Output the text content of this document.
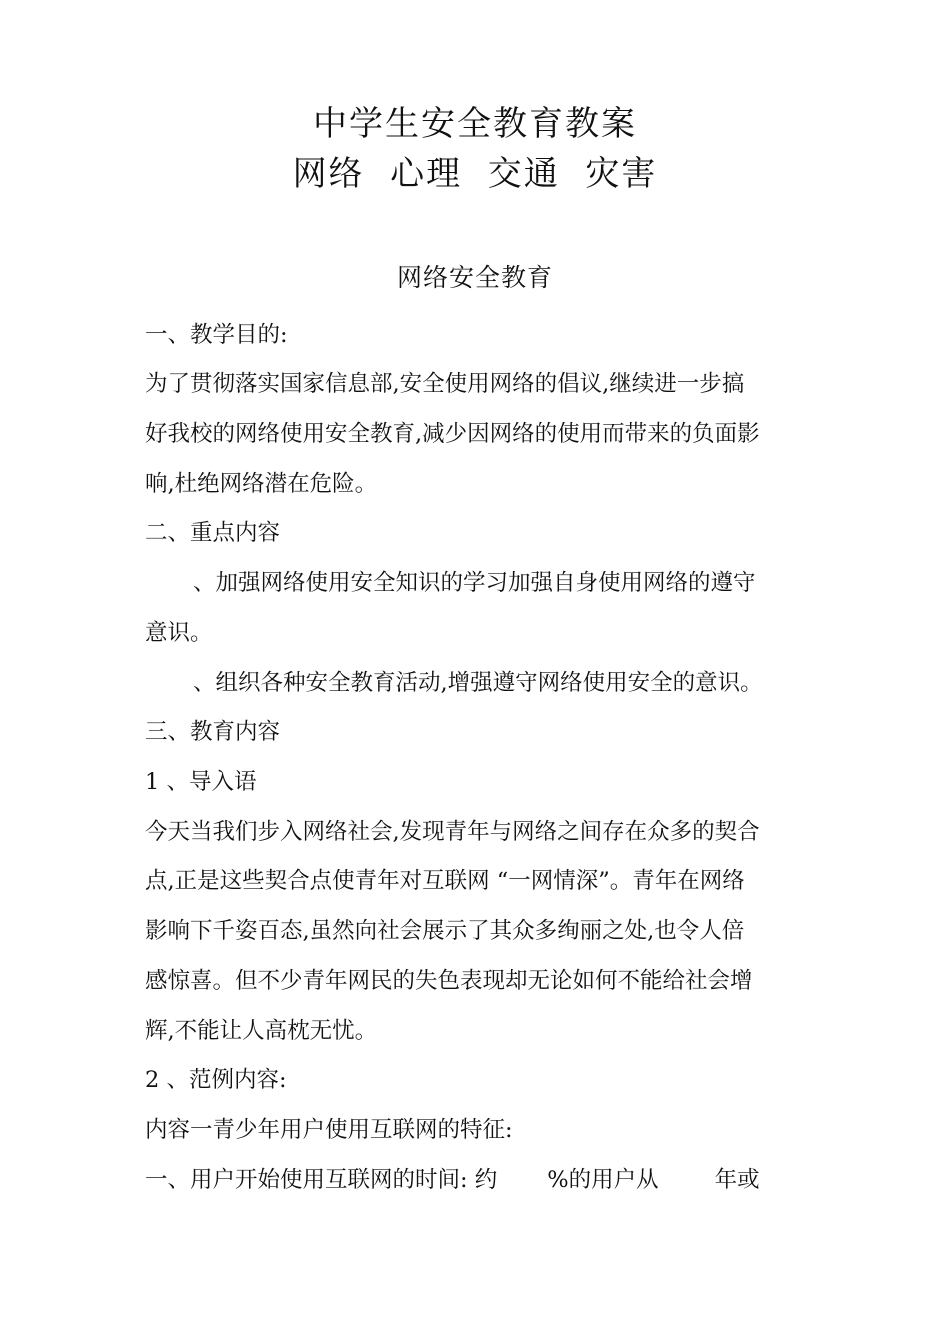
中学生安全教育教案
网络  心理  交通  灾害
网络安全教育
一、教学目的:
为了贯彻落实国家信息部,安全使用网络的倡议,继续进一步搞
好我校的网络使用安全教育,减少因网络的使用而带来的负面影
响,杜绝网络潜在危险。
二、重点内容
、加强网络使用安全知识的学习加强自身使用网络的遵守
意识。
、组织各种安全教育活动,增强遵守网络使用安全的意识。
三、教育内容
1 、导入语
今天当我们步入网络社会,发现青年与网络之间存在众多的契合
点,正是这些契合点使青年对互联网 “一网情深”。青年在网络
影响下千姿百态,虽然向社会展示了其众多绚丽之处,也令人倍
感惊喜。但不少青年网民的失色表现却无论如何不能给社会增
辉,不能让人高枕无忧。
2 、范例内容:
内容一青少年用户使用互联网的特征:
一、用户开始使用互联网的时间: 约 %的用户从 年或
